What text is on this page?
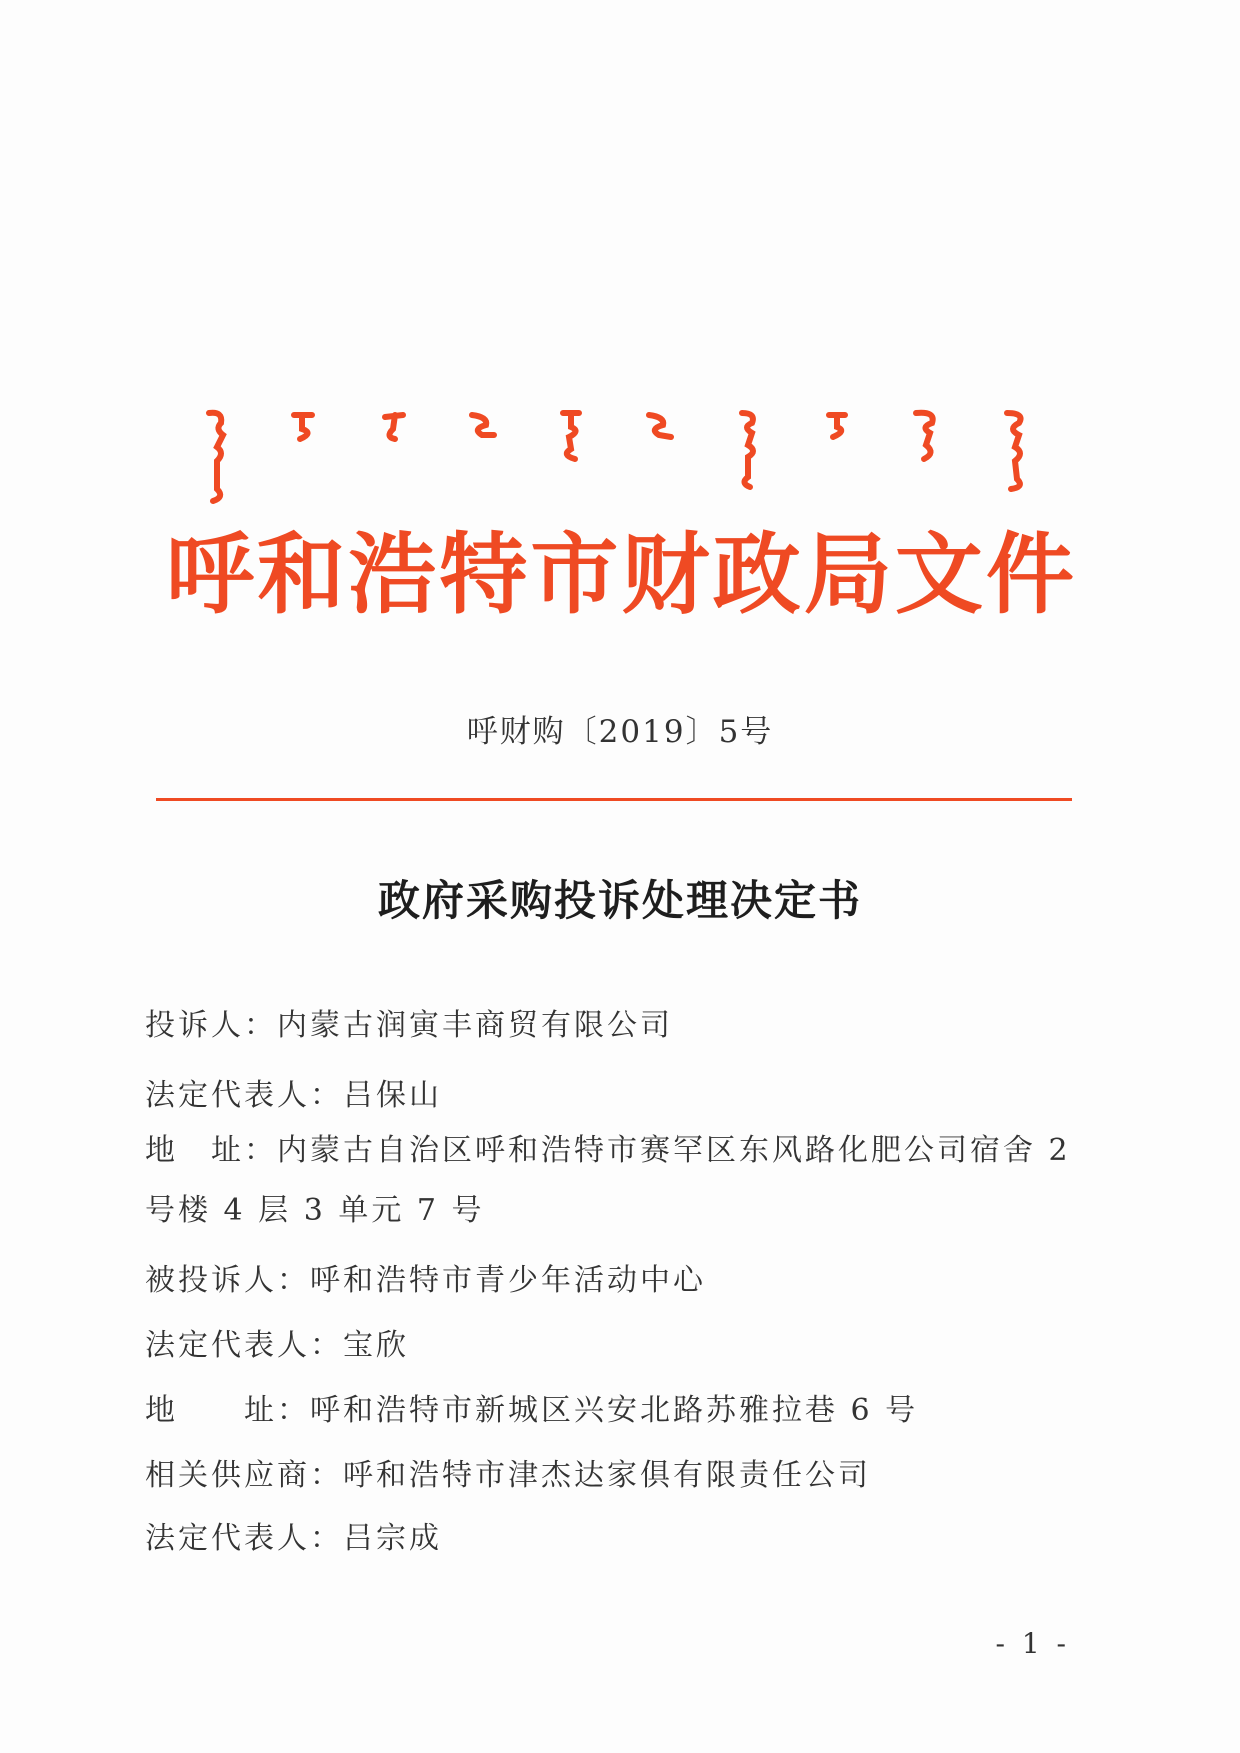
呼 和 浩 特 市 财 政 局 文 件
呼财购〔2019〕5号
政府采购投诉处理决定书
投诉人：内蒙古润寅丰商贸有限公司
法定代表人：吕保山
地　址：内蒙古自治区呼和浩特市赛罕区东风路化肥公司宿舍 2
号楼 4 层 3 单元 7 号
被投诉人：呼和浩特市青少年活动中心
法定代表人：宝欣
地　　址：呼和浩特市新城区兴安北路苏雅拉巷 6 号
相关供应商：呼和浩特市津杰达家俱有限责任公司
法定代表人：吕宗成
- 1 -
